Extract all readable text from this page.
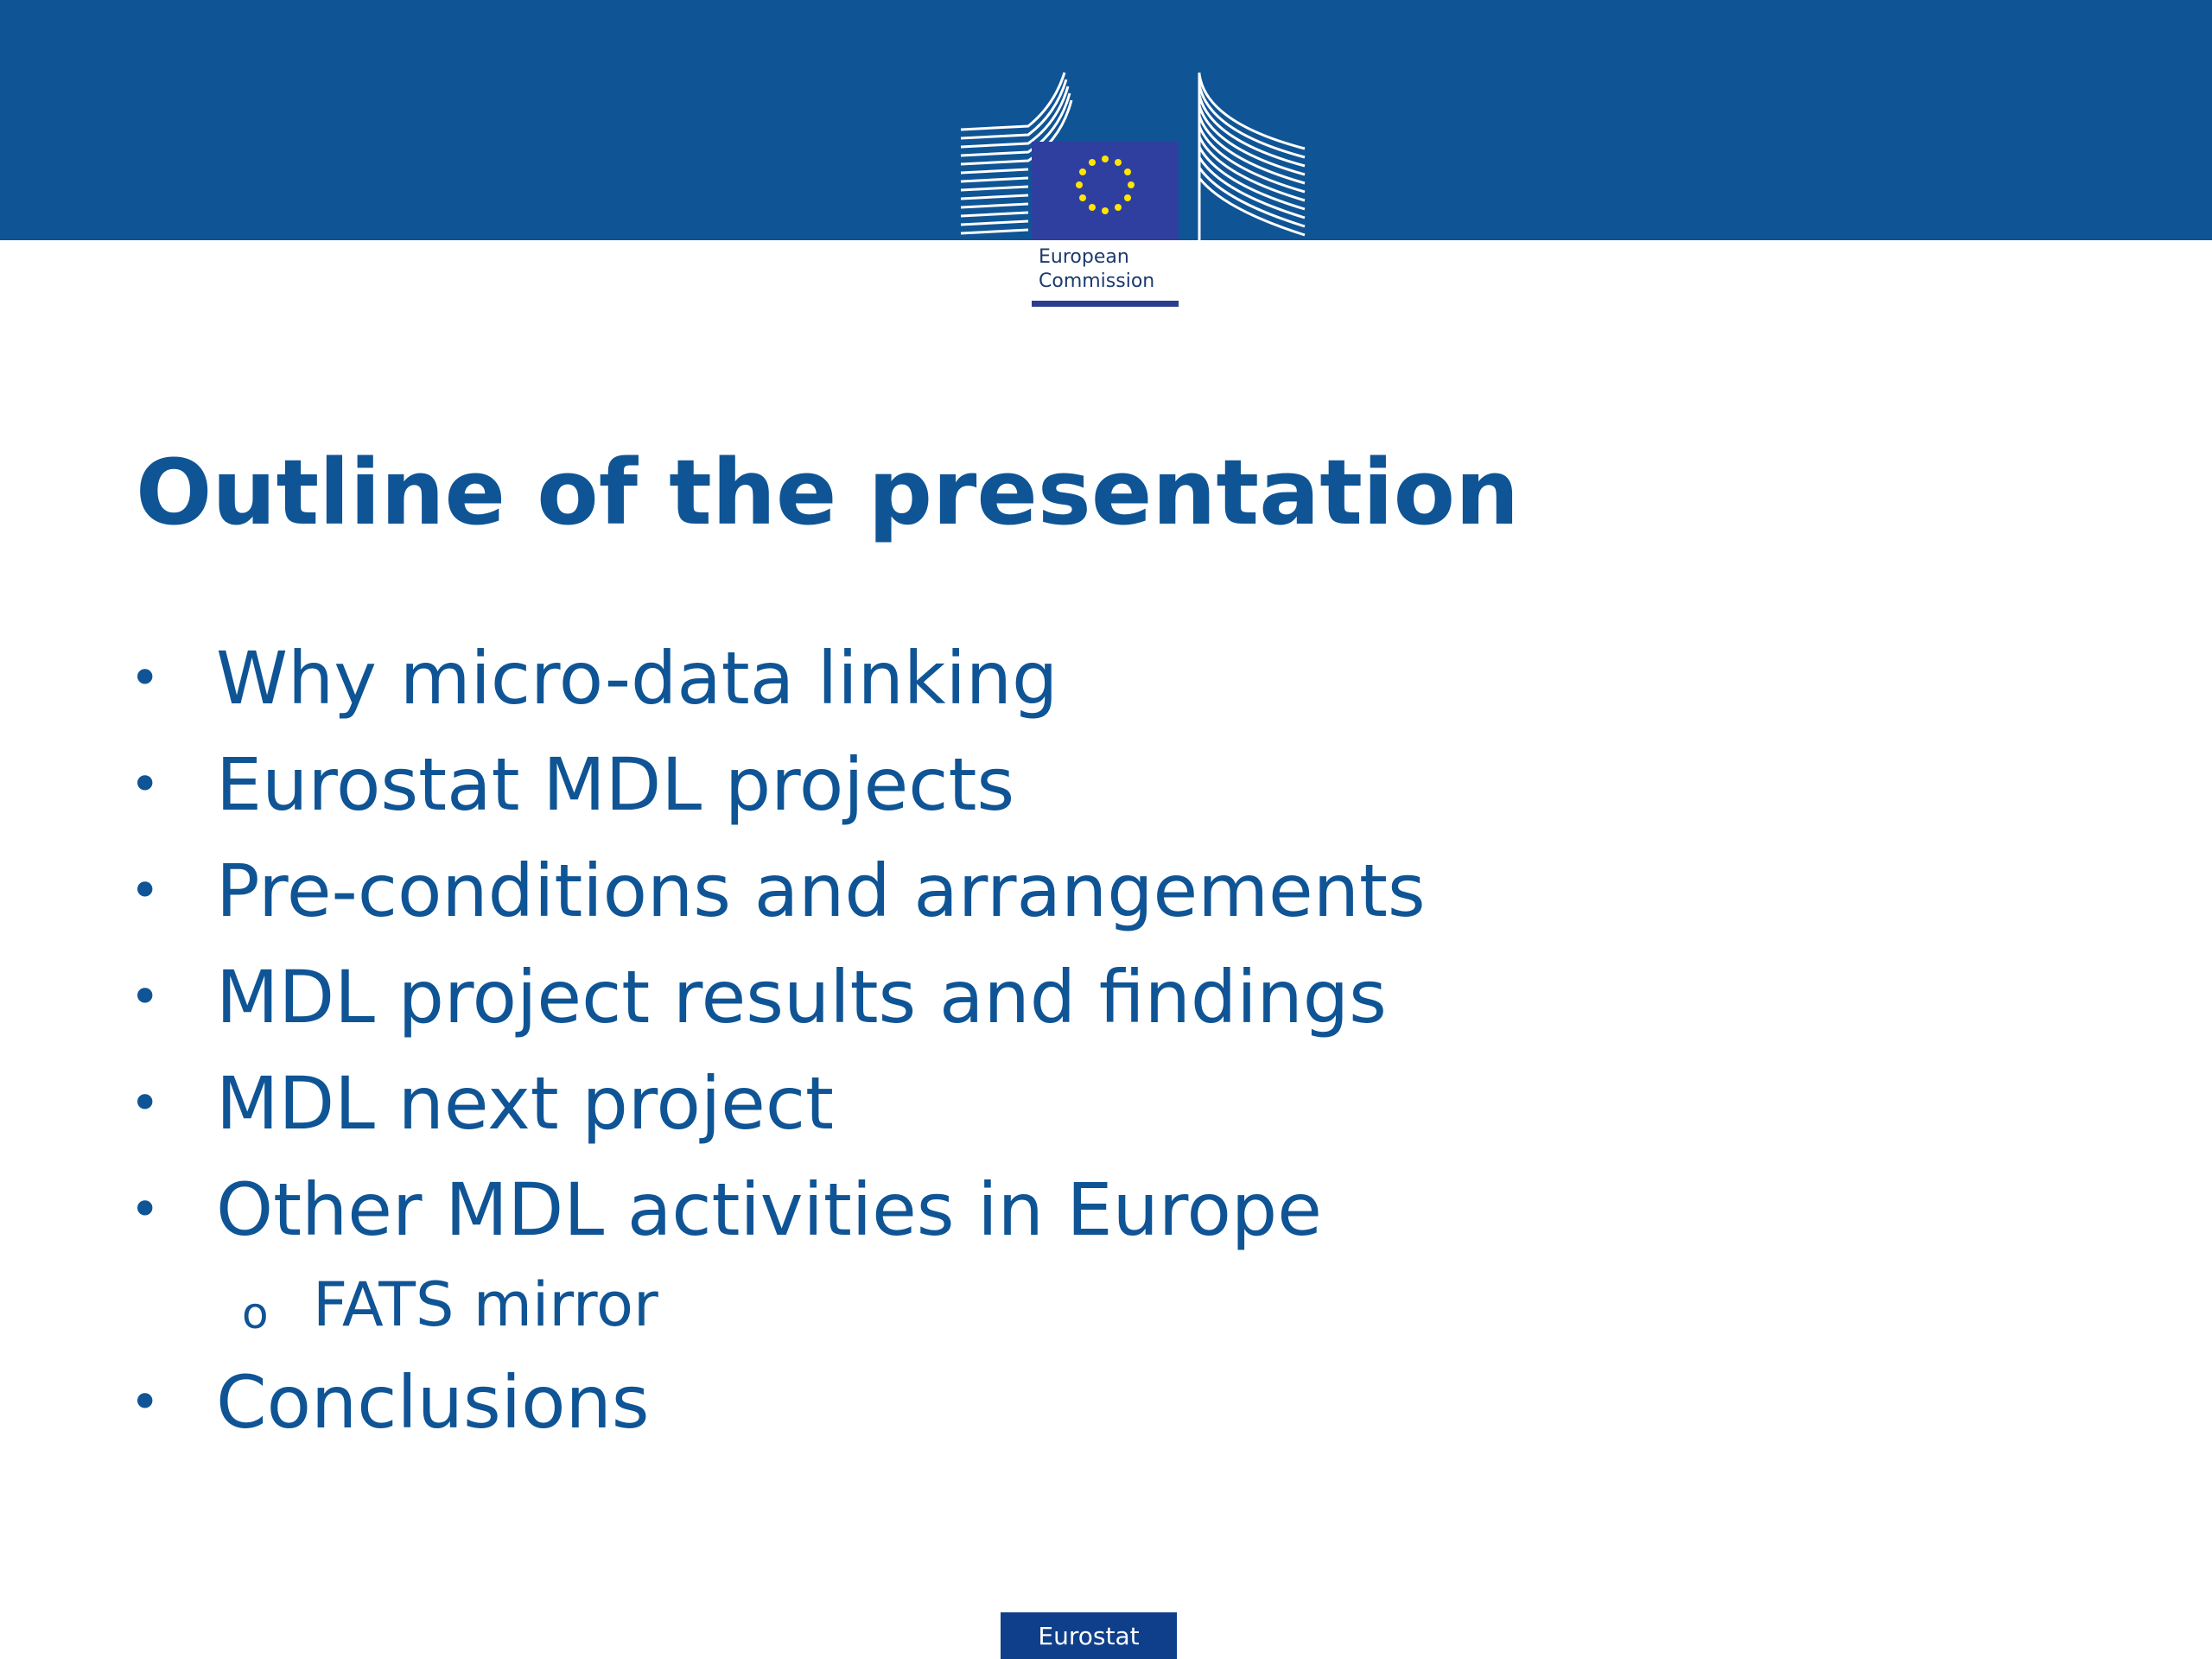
European
Commission
Outline of the presentation
• Why micro-data linking
• Eurostat MDL projects
• Pre-conditions and arrangements
• MDL project results and findings
• MDL next project
• Other MDL activities in Europe
o FATS mirror
• Conclusions
Eurostat
